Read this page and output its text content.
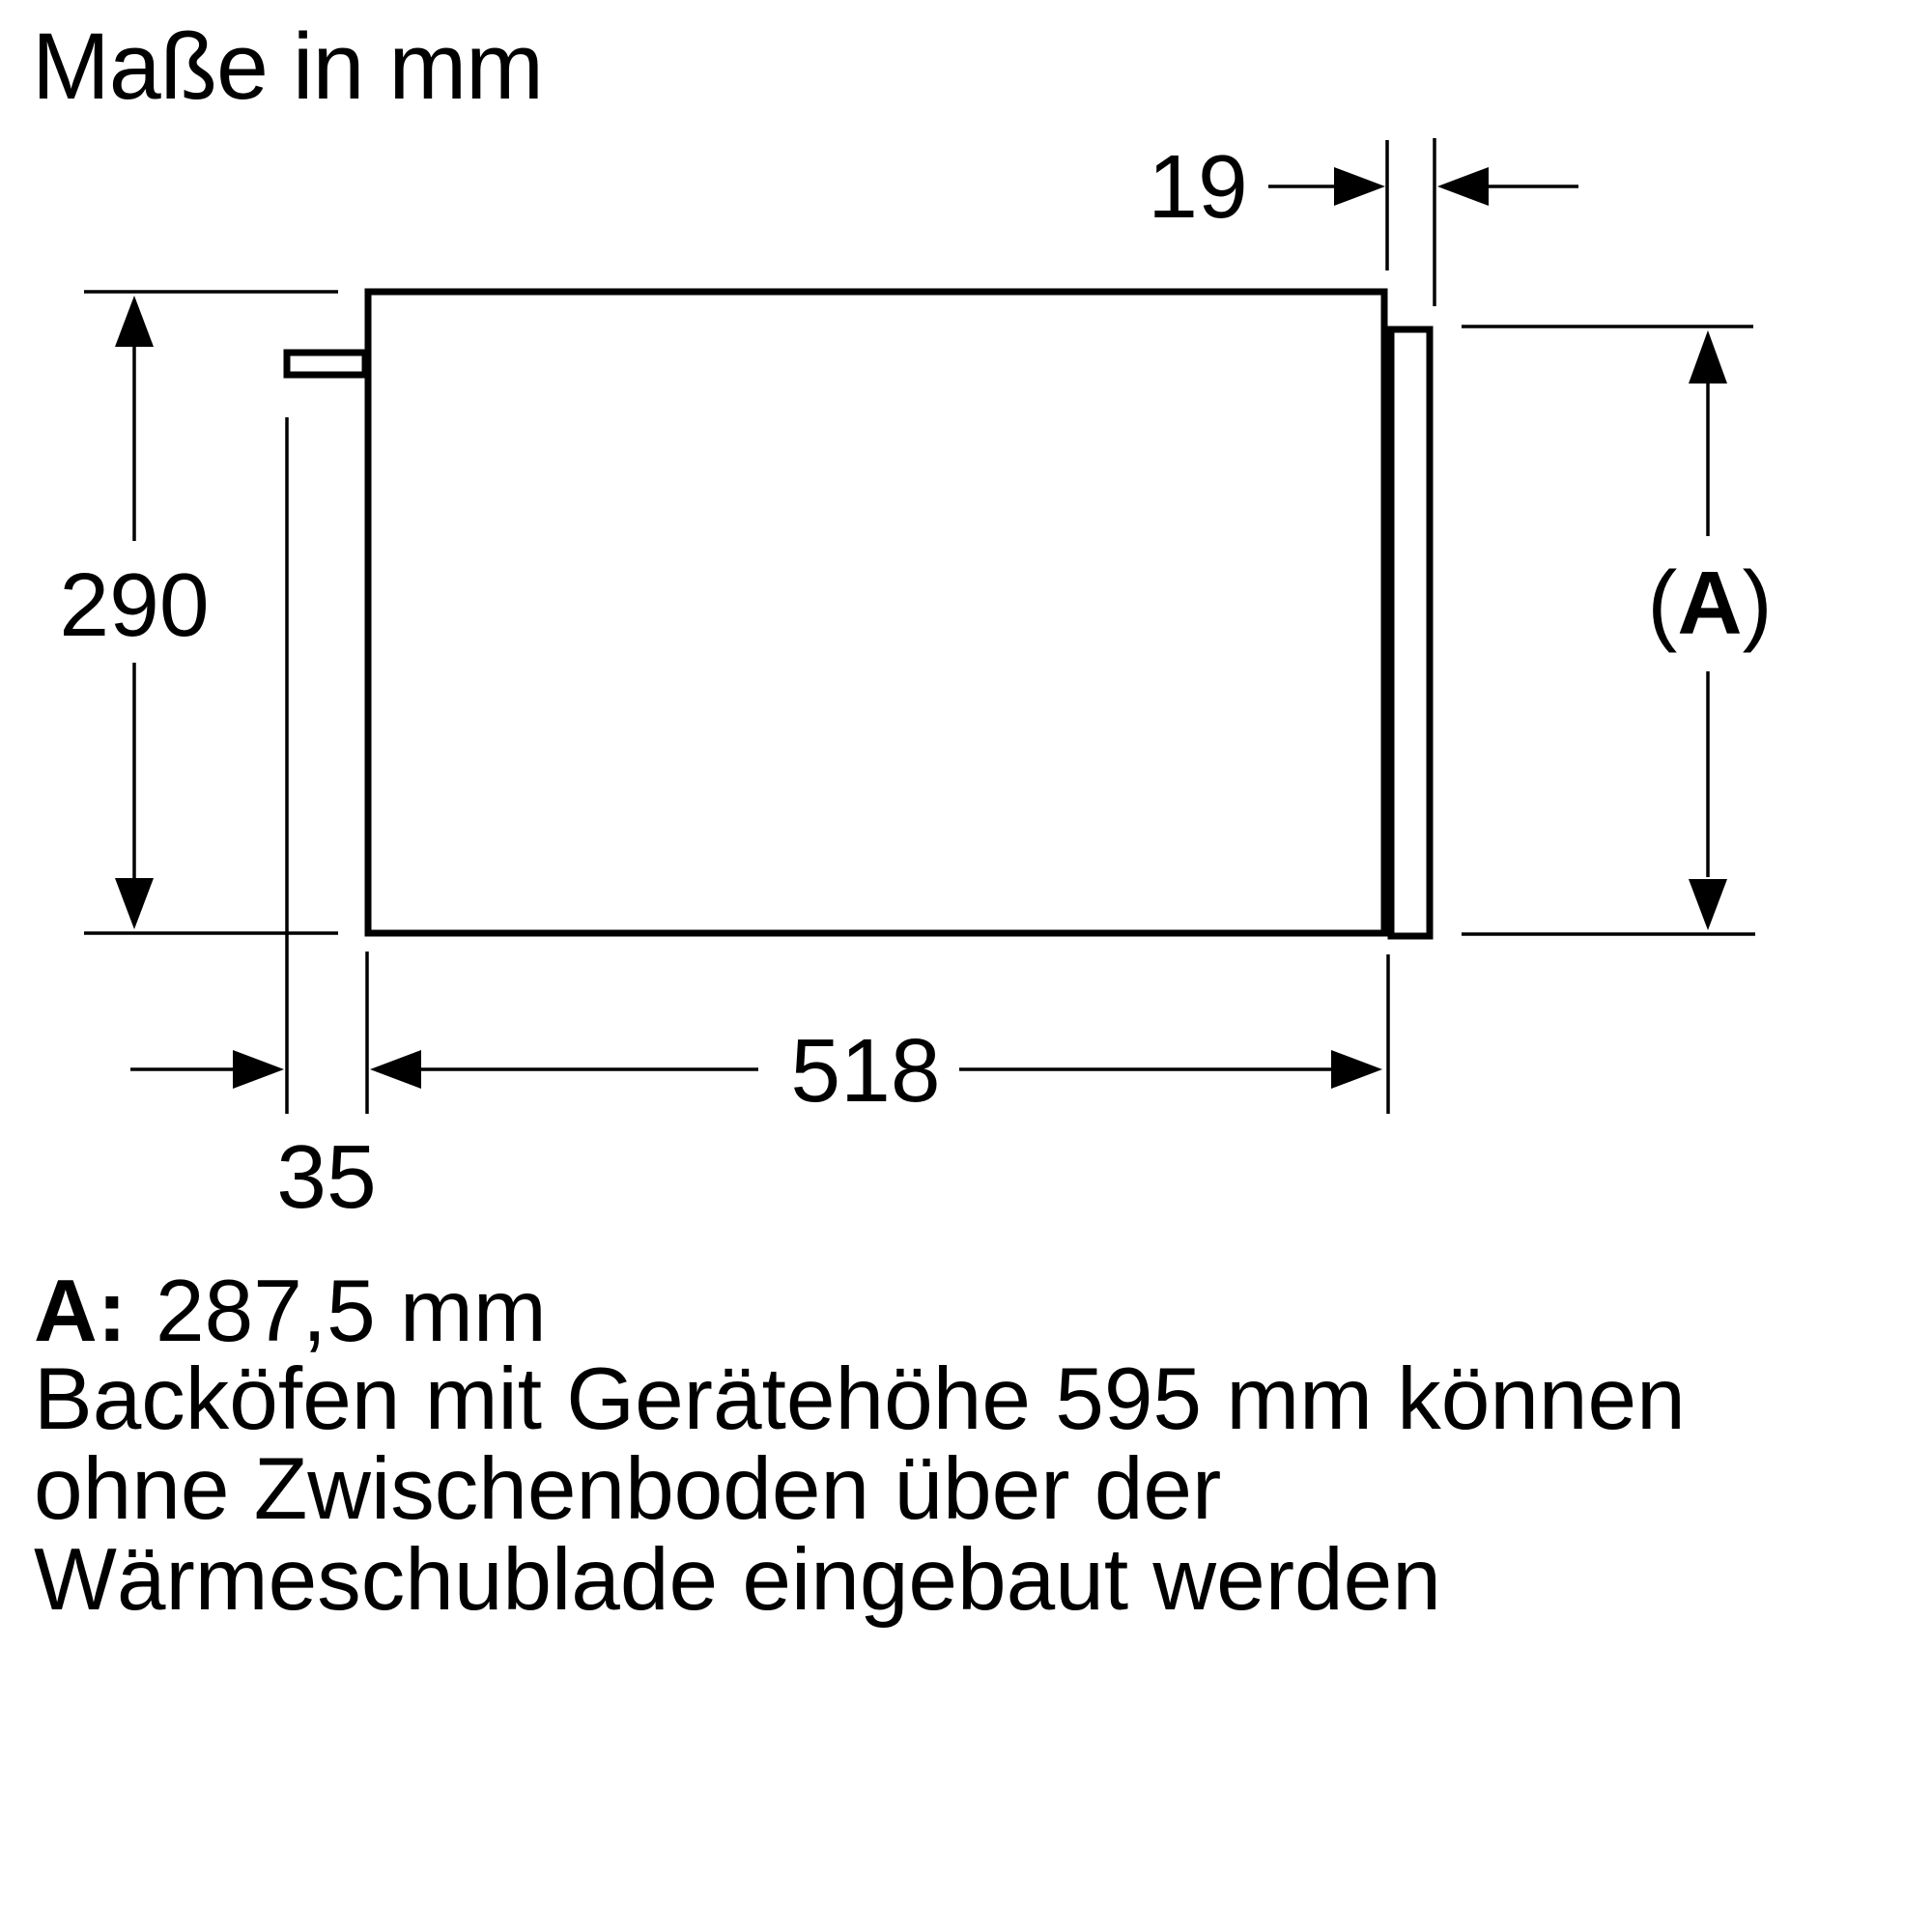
Maße in mm
19
290
35
518
(A)
A: 287,5 mm
Backöfen mit Gerätehöhe 595 mm können
ohne Zwischenboden über der
Wärmeschublade eingebaut werden
